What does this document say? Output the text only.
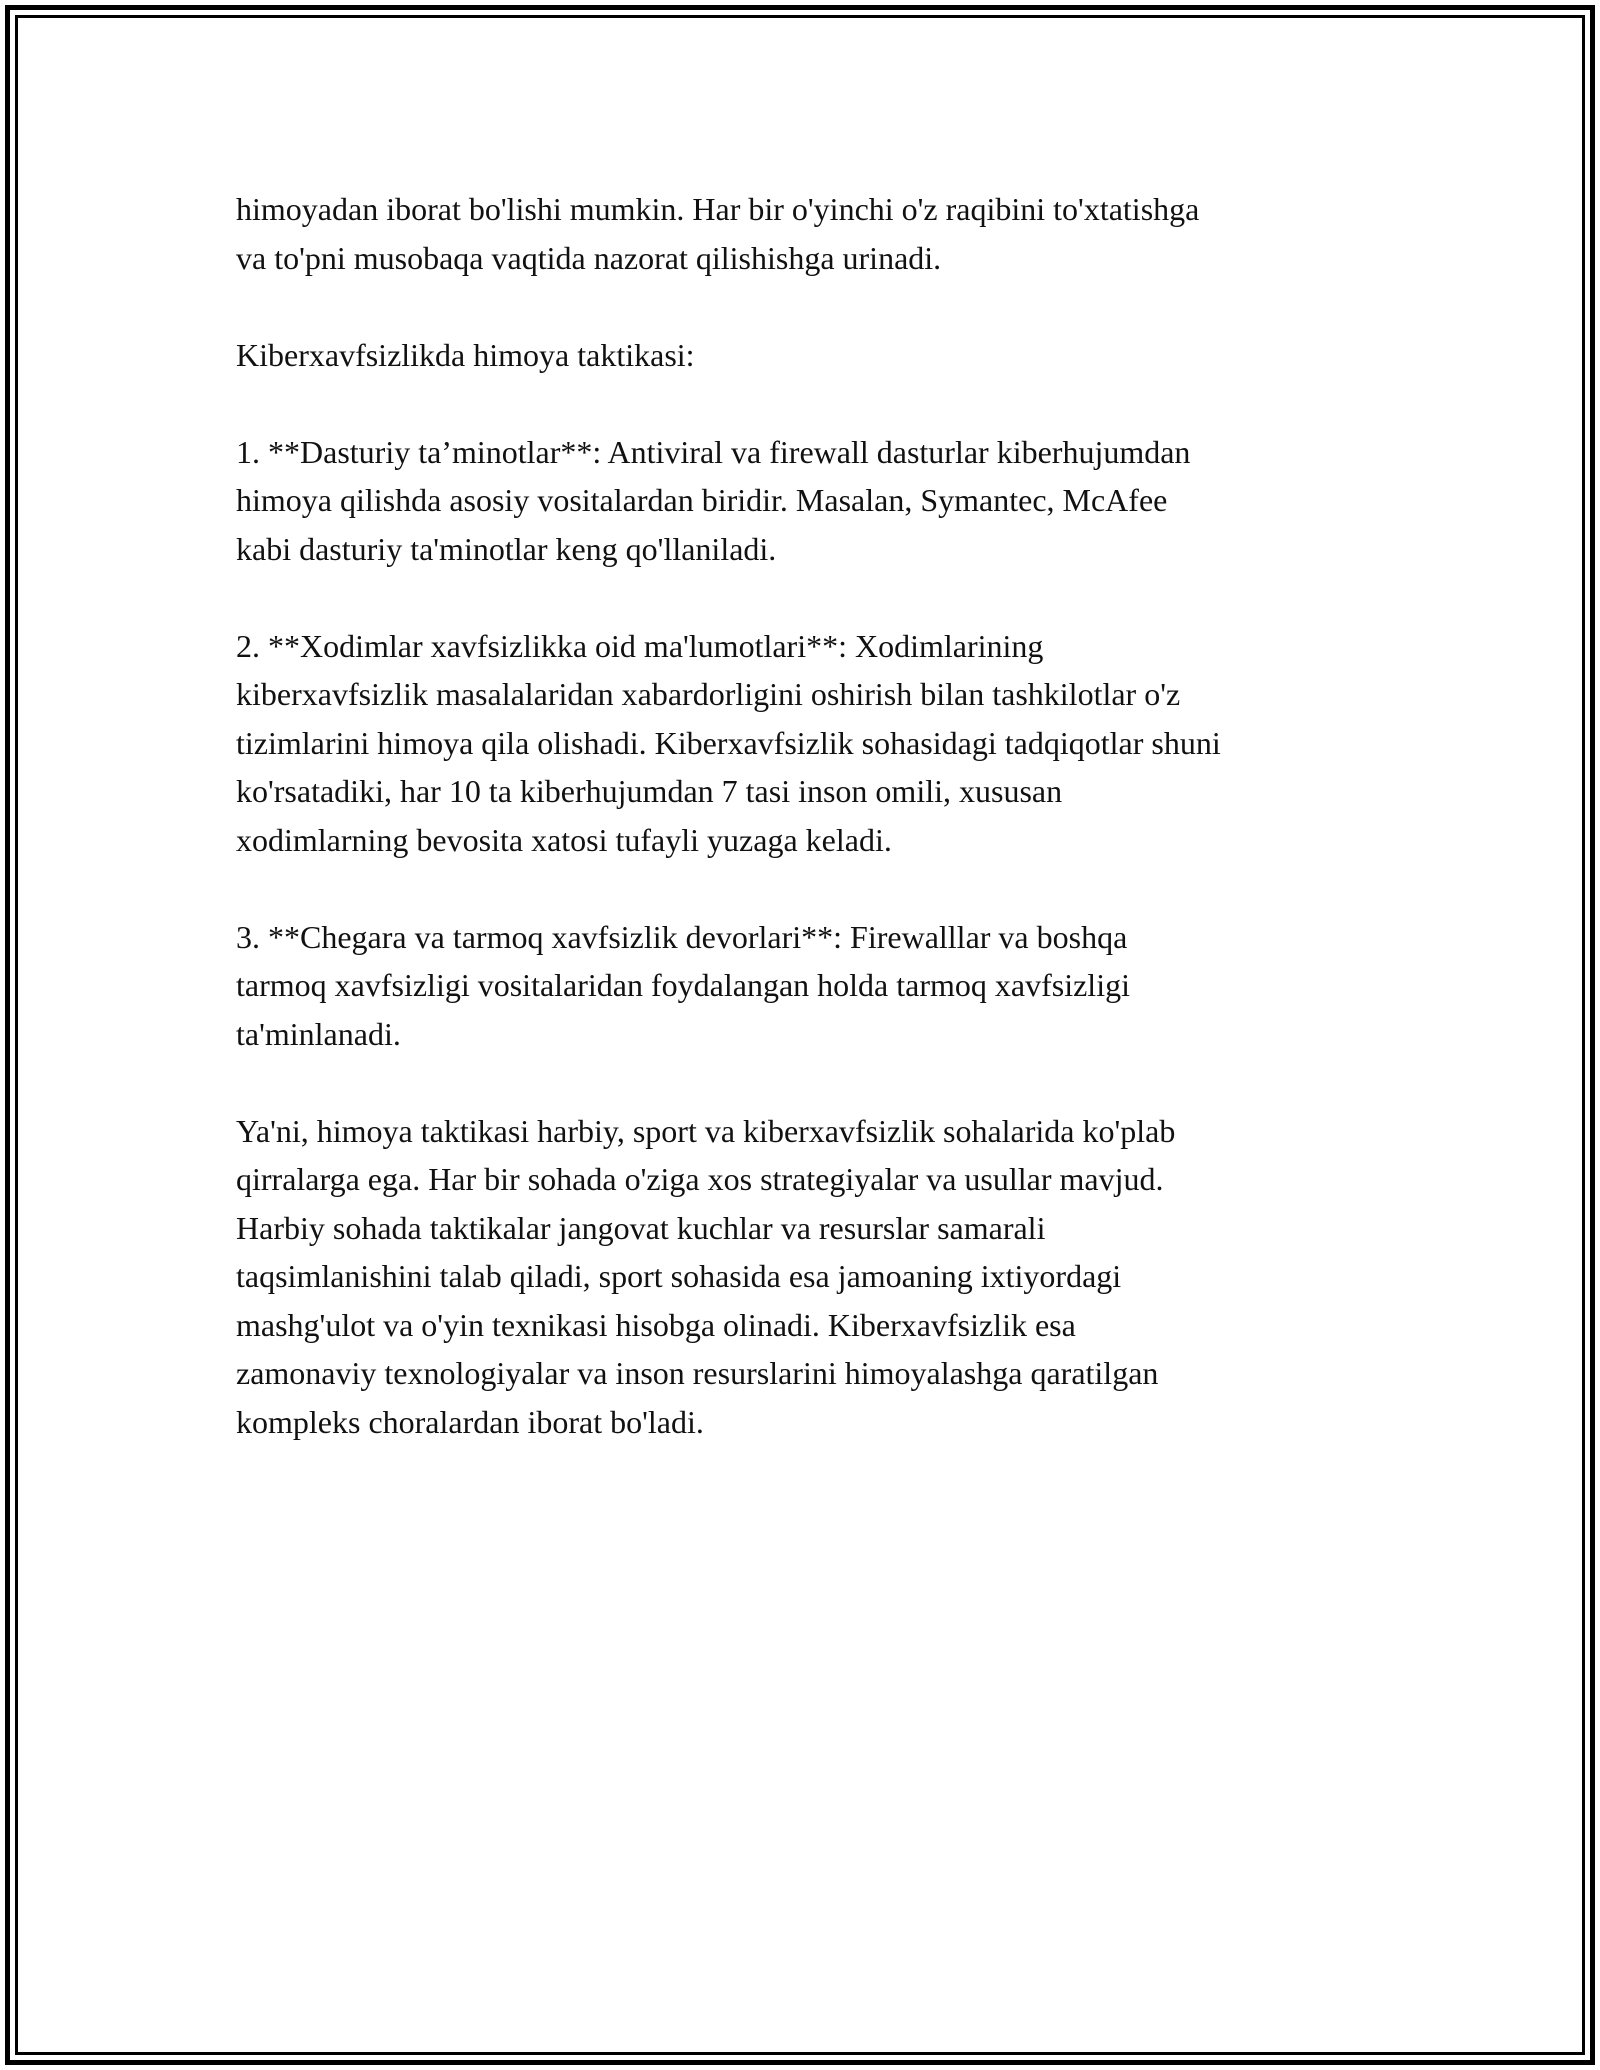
himoyadan iborat bo'lishi mumkin. Har bir o'yinchi o'z raqibini to'xtatishga
va to'pni musobaqa vaqtida nazorat qilishishga urinadi.

Kiberxavfsizlikda himoya taktikasi:

1. **Dasturiy ta’minotlar**: Antiviral va firewall dasturlar kiberhujumdan
himoya qilishda asosiy vositalardan biridir. Masalan, Symantec, McAfee
kabi dasturiy ta'minotlar keng qo'llaniladi.

2. **Xodimlar xavfsizlikka oid ma'lumotlari**: Xodimlarining
kiberxavfsizlik masalalaridan xabardorligini oshirish bilan tashkilotlar o'z
tizimlarini himoya qila olishadi. Kiberxavfsizlik sohasidagi tadqiqotlar shuni
ko'rsatadiki, har 10 ta kiberhujumdan 7 tasi inson omili, xususan
xodimlarning bevosita xatosi tufayli yuzaga keladi.

3. **Chegara va tarmoq xavfsizlik devorlari**: Firewalllar va boshqa
tarmoq xavfsizligi vositalaridan foydalangan holda tarmoq xavfsizligi
ta'minlanadi.

Ya'ni, himoya taktikasi harbiy, sport va kiberxavfsizlik sohalarida ko'plab
qirralarga ega. Har bir sohada o'ziga xos strategiyalar va usullar mavjud.
Harbiy sohada taktikalar jangovat kuchlar va resurslar samarali
taqsimlanishini talab qiladi, sport sohasida esa jamoaning ixtiyordagi
mashg'ulot va o'yin texnikasi hisobga olinadi. Kiberxavfsizlik esa
zamonaviy texnologiyalar va inson resurslarini himoyalashga qaratilgan
kompleks choralardan iborat bo'ladi.
